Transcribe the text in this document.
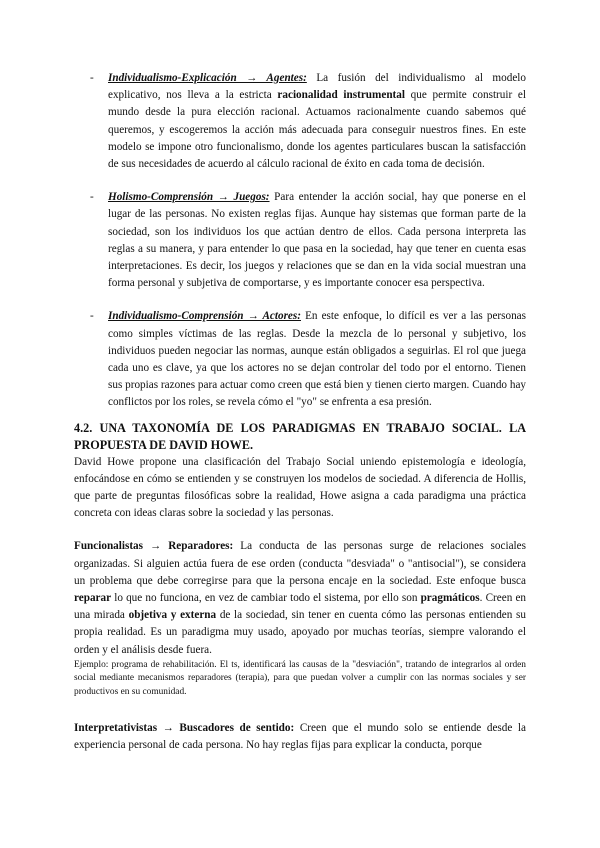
-	Individualismo-Explicación → Agentes: La fusión del individualismo al modelo explicativo, nos lleva a la estricta racionalidad instrumental que permite construir el mundo desde la pura elección racional. Actuamos racionalmente cuando sabemos qué queremos, y escogeremos la acción más adecuada para conseguir nuestros fines. En este modelo se impone otro funcionalismo, donde los agentes particulares buscan la satisfacción de sus necesidades de acuerdo al cálculo racional de éxito en cada toma de decisión.

-	Holismo-Comprensión → Juegos: Para entender la acción social, hay que ponerse en el lugar de las personas. No existen reglas fijas. Aunque hay sistemas que forman parte de la sociedad, son los individuos los que actúan dentro de ellos. Cada persona interpreta las reglas a su manera, y para entender lo que pasa en la sociedad, hay que tener en cuenta esas interpretaciones. Es decir, los juegos y relaciones que se dan en la vida social muestran una forma personal y subjetiva de comportarse, y es importante conocer esa perspectiva.

-	Individualismo-Comprensión → Actores: En este enfoque, lo difícil es ver a las personas como simples víctimas de las reglas. Desde la mezcla de lo personal y subjetivo, los individuos pueden negociar las normas, aunque están obligados a seguirlas. El rol que juega cada uno es clave, ya que los actores no se dejan controlar del todo por el entorno. Tienen sus propias razones para actuar como creen que está bien y tienen cierto margen. Cuando hay conflictos por los roles, se revela cómo el "yo" se enfrenta a esa presión.

4.2. UNA TAXONOMÍA DE LOS PARADIGMAS EN TRABAJO SOCIAL. LA PROPUESTA DE DAVID HOWE.

David Howe propone una clasificación del Trabajo Social uniendo epistemología e ideología, enfocándose en cómo se entienden y se construyen los modelos de sociedad. A diferencia de Hollis, que parte de preguntas filosóficas sobre la realidad, Howe asigna a cada paradigma una práctica concreta con ideas claras sobre la sociedad y las personas.

Funcionalistas → Reparadores: La conducta de las personas surge de relaciones sociales organizadas. Si alguien actúa fuera de ese orden (conducta "desviada" o "antisocial"), se considera un problema que debe corregirse para que la persona encaje en la sociedad. Este enfoque busca reparar lo que no funciona, en vez de cambiar todo el sistema, por ello son pragmáticos. Creen en una mirada objetiva y externa de la sociedad, sin tener en cuenta cómo las personas entienden su propia realidad. Es un paradigma muy usado, apoyado por muchas teorías, siempre valorando el orden y el análisis desde fuera.

Ejemplo: programa de rehabilitación. El ts, identificará las causas de la "desviación", tratando de integrarlos al orden social mediante mecanismos reparadores (terapia), para que puedan volver a cumplir con las normas sociales y ser productivos en su comunidad.

Interpretativistas → Buscadores de sentido: Creen que el mundo solo se entiende desde la experiencia personal de cada persona. No hay reglas fijas para explicar la conducta, porque
